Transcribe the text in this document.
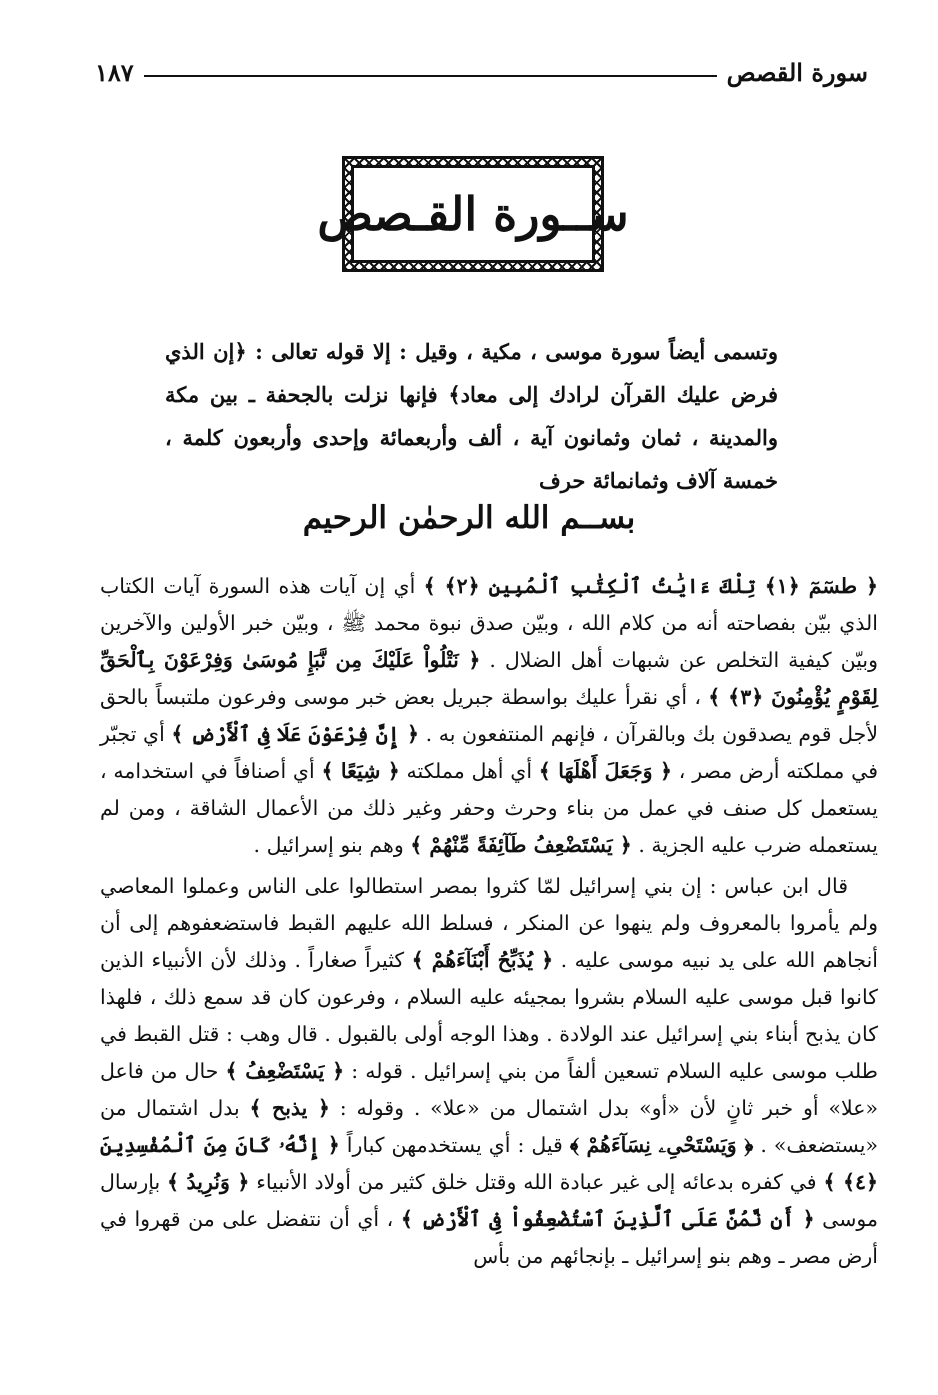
سورة القصص
١٨٧
ســورة القـصص
وتسمى أيضاً سورة موسى ، مكية ، وقيل : إلا قوله تعالى : ﴿إن الذي فرض عليك القرآن لرادك إلى معاد﴾ فإنها نزلت بالجحفة ـ بين مكة والمدينة ، ثمان وثمانون آية ، ألف وأربعمائة وإحدى وأربعون كلمة ، خمسة آلاف وثمانمائة حرف
بســم الله الرحمٰن الرحيم

﴿ طسٓمٓ ﴿١﴾ تِلْكَ ءَايَٰتُ ٱلْكِتَٰبِ ٱلْمُبِينِ ﴿٢﴾ ﴾ أي إن آيات هذه السورة آيات الكتاب الذي بيّن بفصاحته أنه من كلام الله ، وبيّن صدق نبوة محمد ﷺ ، وبيّن خبر الأولين والآخرين وبيّن كيفية التخلص عن شبهات أهل الضلال . ﴿ نَتْلُواْ عَلَيْكَ مِن نَّبَإِ مُوسَىٰ وَفِرْعَوْنَ بِٱلْحَقِّ لِقَوْمٍ يُؤْمِنُونَ ﴿٣﴾ ﴾ ، أي نقرأ عليك بواسطة جبريل بعض خبر موسى وفرعون ملتبساً بالحق لأجل قوم يصدقون بك وبالقرآن ، فإنهم المنتفعون به . ﴿ إِنَّ فِرْعَوْنَ عَلَا فِى ٱلْأَرْضِ ﴾ أي تجبّر في مملكته أرض مصر ، ﴿ وَجَعَلَ أَهْلَهَا ﴾ أي أهل مملكته ﴿ شِيَعًا ﴾ أي أصنافاً في استخدامه ، يستعمل كل صنف في عمل من بناء وحرث وحفر وغير ذلك من الأعمال الشاقة ، ومن لم يستعمله ضرب عليه الجزية . ﴿ يَسْتَضْعِفُ طَآئِفَةً مِّنْهُمْ ﴾ وهم بنو إسرائيل .

قال ابن عباس : إن بني إسرائيل لمّا كثروا بمصر استطالوا على الناس وعملوا المعاصي ولم يأمروا بالمعروف ولم ينهوا عن المنكر ، فسلط الله عليهم القبط فاستضعفوهم إلى أن أنجاهم الله على يد نبيه موسى عليه . ﴿ يُذَبِّحُ أَبْنَآءَهُمْ ﴾ كثيراً صغاراً . وذلك لأن الأنبياء الذين كانوا قبل موسى عليه السلام بشروا بمجيئه عليه السلام ، وفرعون كان قد سمع ذلك ، فلهذا كان يذبح أبناء بني إسرائيل عند الولادة . وهذا الوجه أولى بالقبول . قال وهب : قتل القبط في طلب موسى عليه السلام تسعين ألفاً من بني إسرائيل . قوله : ﴿ يَسْتَضْعِفُ ﴾ حال من فاعل «علا» أو خبر ثانٍ لأن «أو» بدل اشتمال من «علا» . وقوله : ﴿ يذبح ﴾ بدل اشتمال من «يستضعف» . ﴿ وَيَسْتَحْىِۦ نِسَآءَهُمْ ﴾ قيل : أي يستخدمهن كباراً ﴿ إِنَّهُۥ كَانَ مِنَ ٱلْمُفْسِدِينَ ﴿٤﴾ ﴾ في كفره بدعائه إلى غير عبادة الله وقتل خلق كثير من أولاد الأنبياء ﴿ وَنُرِيدُ ﴾ بإرسال موسى ﴿ أَن نَّمُنَّ عَلَى ٱلَّذِينَ ٱسْتُضْعِفُواْ فِى ٱلْأَرْضِ ﴾ ، أي أن نتفضل على من قهروا في أرض مصر ـ وهم بنو إسرائيل ـ بإنجائهم من بأس
